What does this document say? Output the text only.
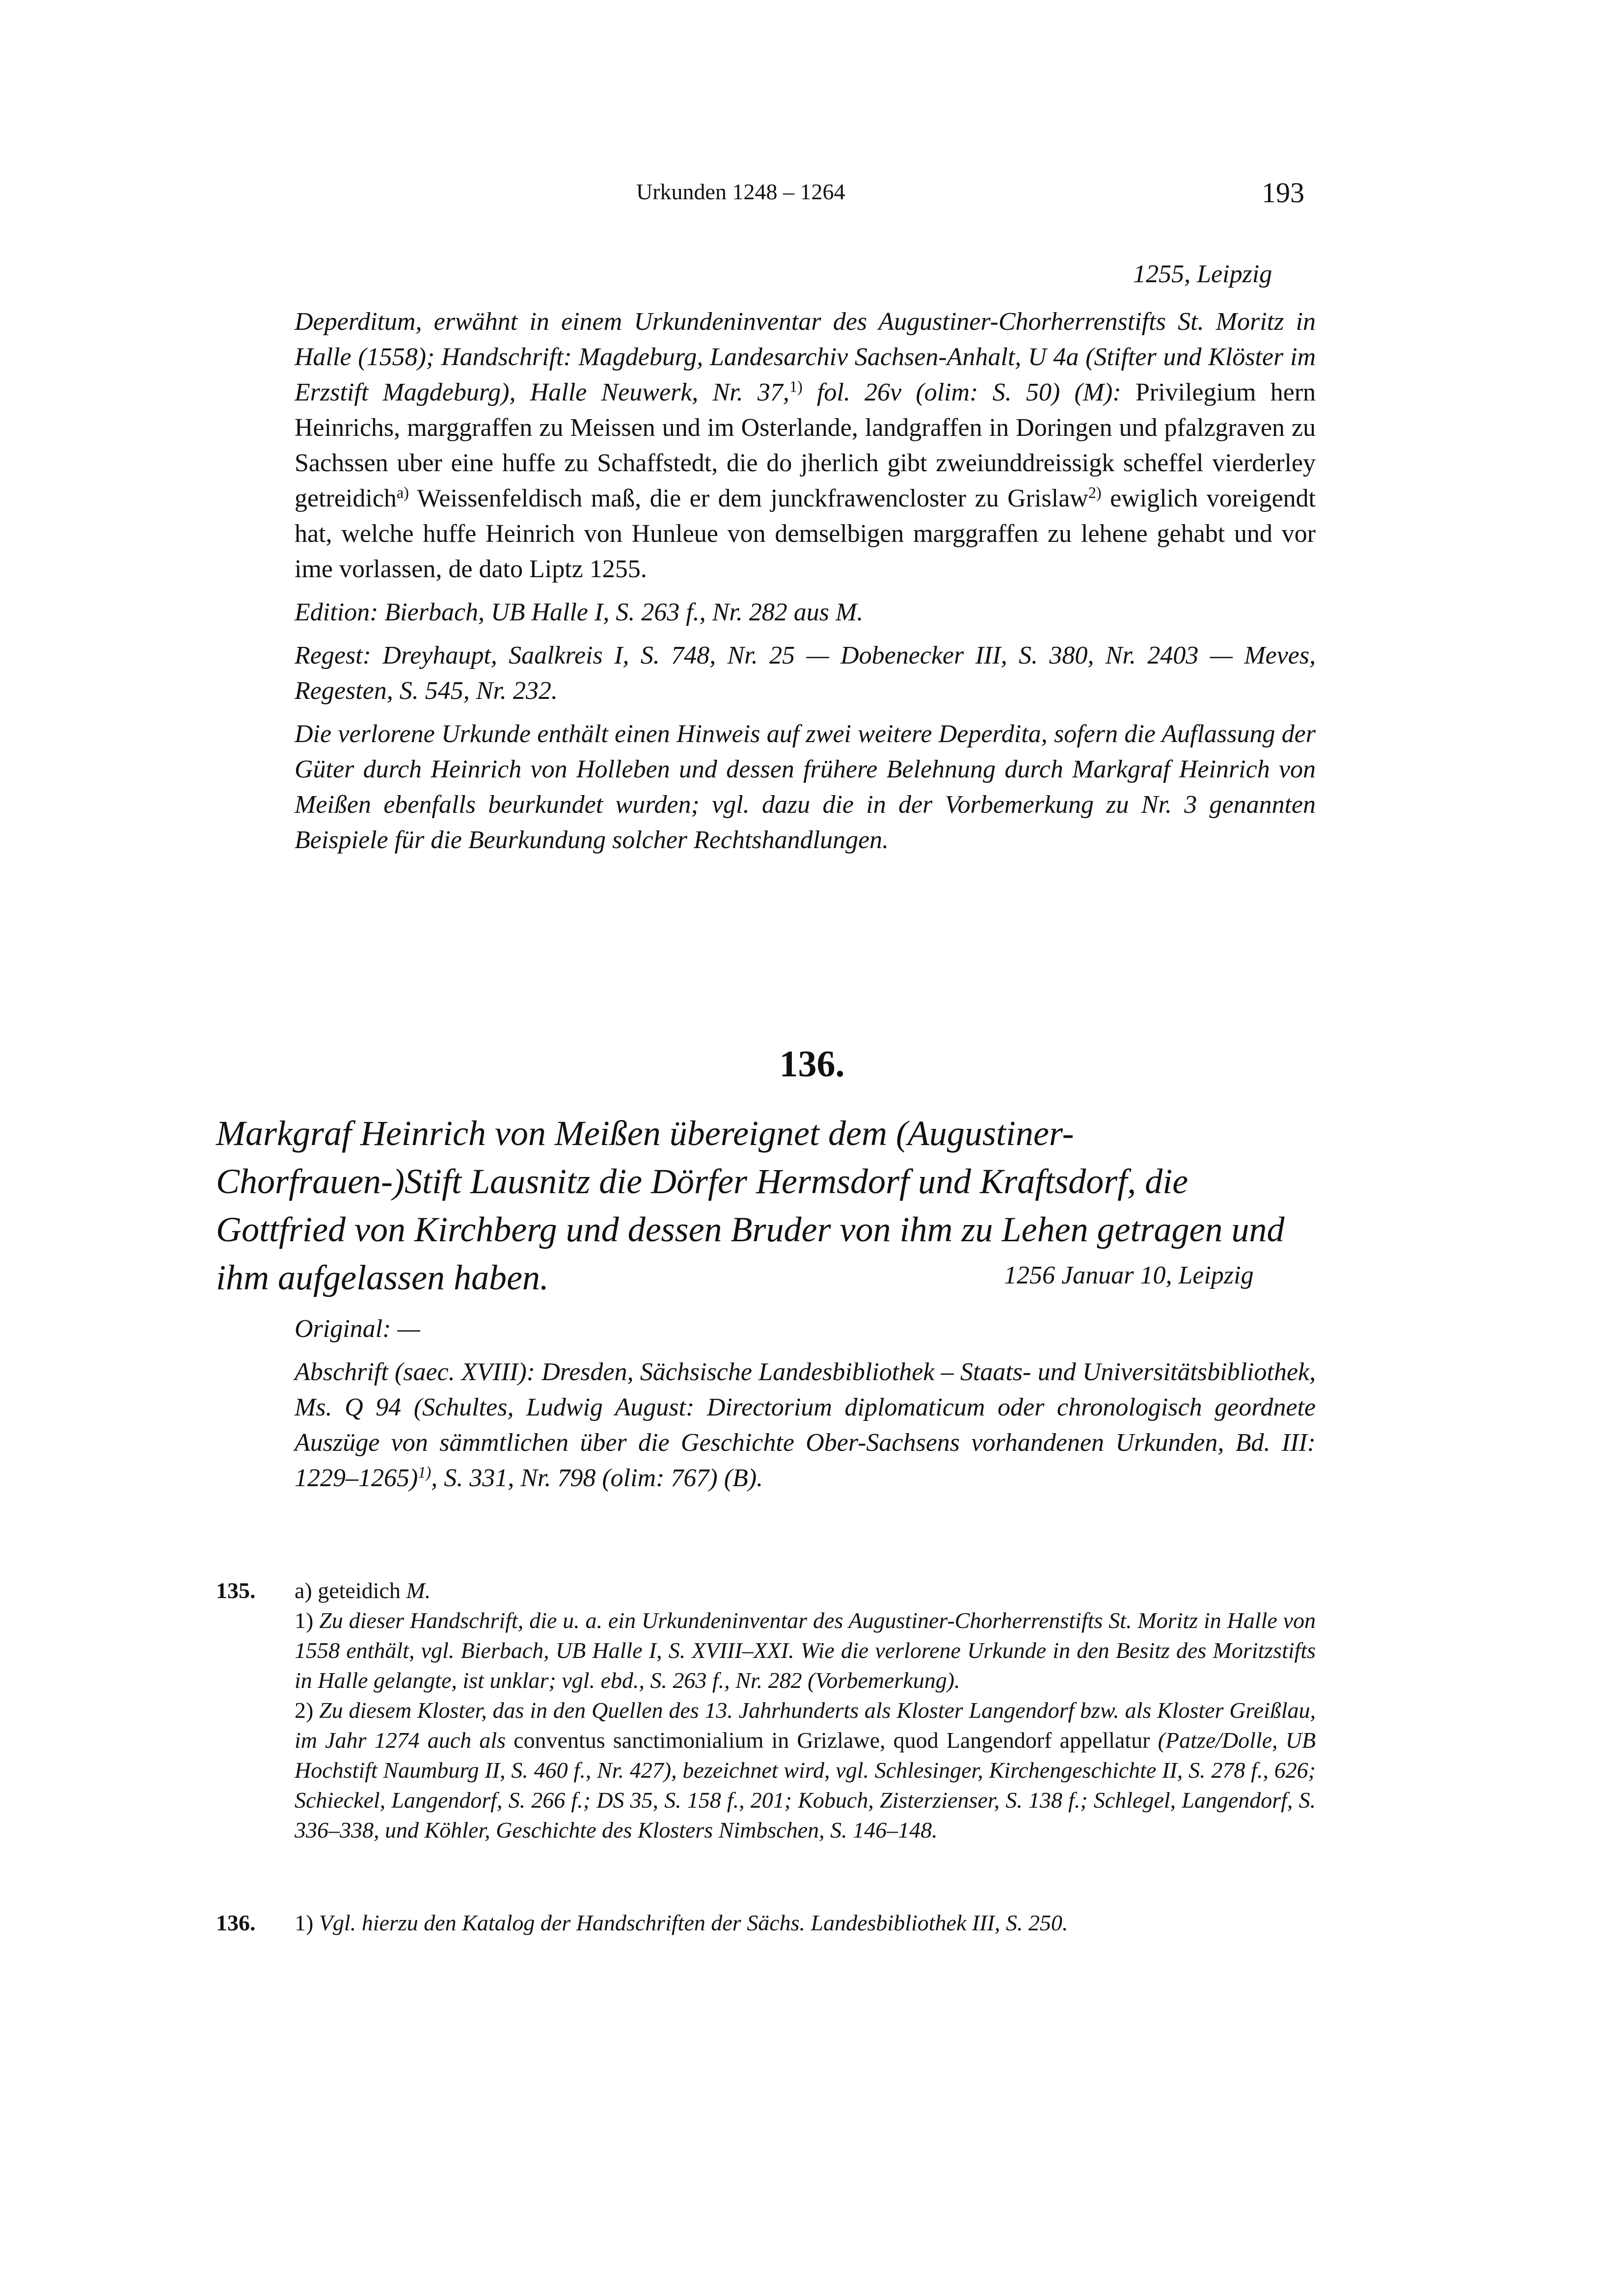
Urkunden 1248 – 1264	193
1255, Leipzig

Deperditum, erwähnt in einem Urkundeninventar des Augustiner-Chorherrenstifts St. Moritz in Halle (1558); Handschrift: Magdeburg, Landesarchiv Sachsen-Anhalt, U 4a (Stifter und Klöster im Erzstift Magdeburg), Halle Neuwerk, Nr. 37,$^{1)}$ fol. 26v (olim: S. 50) (M): Privilegium hern Heinrichs, marggraffen zu Meissen und im Osterlande, landgraffen in Doringen und pfalzgraven zu Sachssen uber eine huffe zu Schaffstedt, die do jherlich gibt zweiunddreissigk scheffel vierderley getreidich$^{a)}$ Weissenfeldisch maß, die er dem junckfrawencloster zu Grislaw$^{2)}$ ewiglich voreigendt hat, welche huffe Heinrich von Hunleue von demselbigen marggraffen zu lehene gehabt und vor ime vorlassen, de dato Liptz 1255.

Edition: Bierbach, UB Halle I, S. 263 f., Nr. 282 aus M.

Regest: Dreyhaupt, Saalkreis I, S. 748, Nr. 25 — Dobenecker III, S. 380, Nr. 2403 — Meves, Regesten, S. 545, Nr. 232.

Die verlorene Urkunde enthält einen Hinweis auf zwei weitere Deperdita, sofern die Auflassung der Güter durch Heinrich von Holleben und dessen frühere Belehnung durch Markgraf Heinrich von Meißen ebenfalls beurkundet wurden; vgl. dazu die in der Vorbemerkung zu Nr. 3 genannten Beispiele für die Beurkundung solcher Rechtshandlungen.

136.

Markgraf Heinrich von Meißen übereignet dem (Augustiner-Chorfrauen-)Stift Lausnitz die Dörfer Hermsdorf und Kraftsdorf, die Gottfried von Kirchberg und dessen Bruder von ihm zu Lehen getragen und ihm aufgelassen haben.	1256 Januar 10, Leipzig

Original: —

Abschrift (saec. XVIII): Dresden, Sächsische Landesbibliothek – Staats- und Universitätsbibliothek, Ms. Q 94 (Schultes, Ludwig August: Directorium diplomaticum oder chronologisch geordnete Auszüge von sämmtlichen über die Geschichte Ober-Sachsens vorhandenen Urkunden, Bd. III: 1229–1265)$^{1)}$, S. 331, Nr. 798 (olim: 767) (B).

135. a) geteidich M.

1) Zu dieser Handschrift, die u. a. ein Urkundeninventar des Augustiner-Chorherrenstifts St. Moritz in Halle von 1558 enthält, vgl. Bierbach, UB Halle I, S. XVIII–XXI. Wie die verlorene Urkunde in den Besitz des Moritzstifts in Halle gelangte, ist unklar; vgl. ebd., S. 263 f., Nr. 282 (Vorbemerkung).

2) Zu diesem Kloster, das in den Quellen des 13. Jahrhunderts als Kloster Langendorf bzw. als Kloster Greißlau, im Jahr 1274 auch als conventus sanctimonialium in Grizlawe, quod Langendorf appellatur (Patze/Dolle, UB Hochstift Naumburg II, S. 460 f., Nr. 427), bezeichnet wird, vgl. Schlesinger, Kirchengeschichte II, S. 278 f., 626; Schieckel, Langendorf, S. 266 f.; DS 35, S. 158 f., 201; Kobuch, Zisterzienser, S. 138 f.; Schlegel, Langendorf, S. 336–338, und Köhler, Geschichte des Klosters Nimbschen, S. 146–148.

136. 1) Vgl. hierzu den Katalog der Handschriften der Sächs. Landesbibliothek III, S. 250.
